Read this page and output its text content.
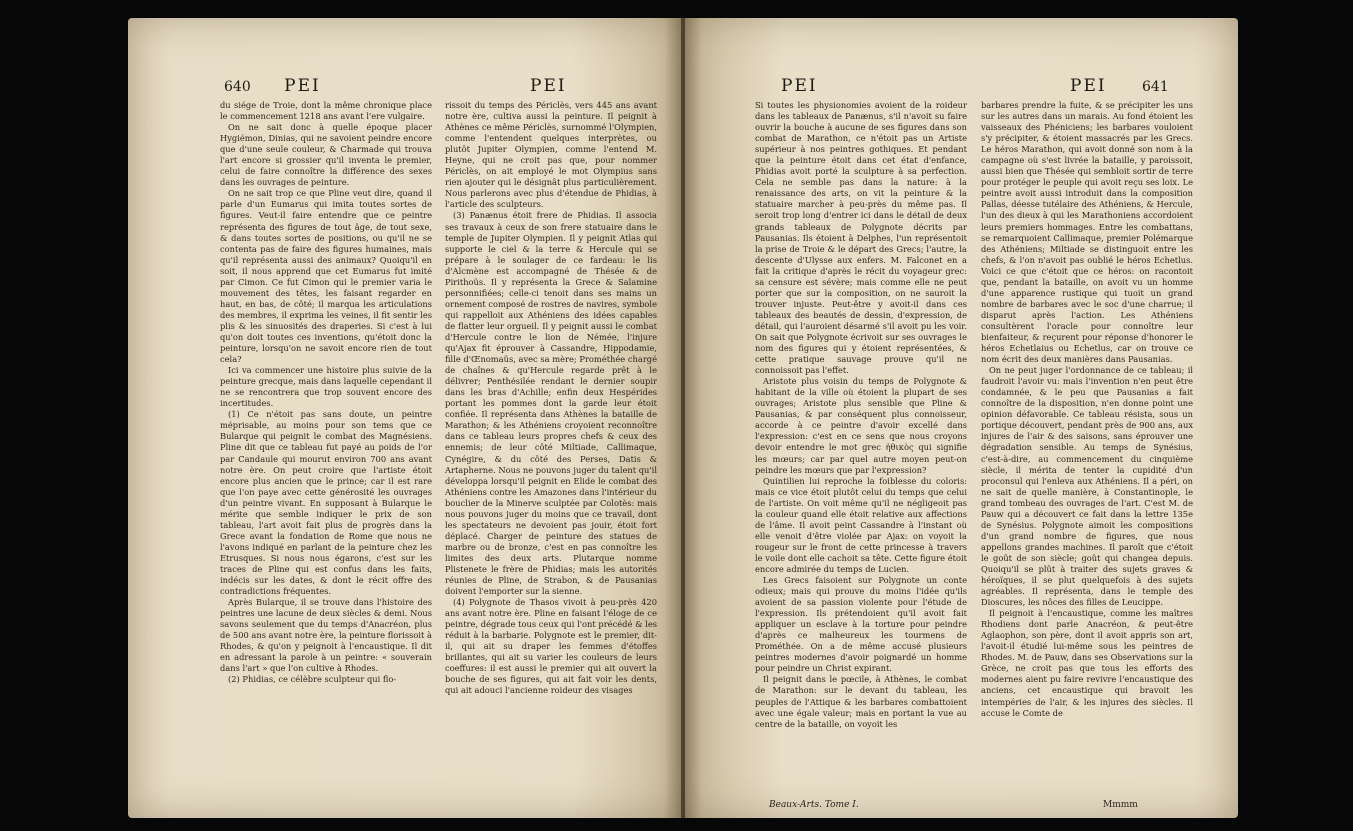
640 PEI	PEI

du siége de Troie, dont la même chronique place le commencement 1218 ans avant l'ere vulgaire.

On ne sait donc à quelle époque placer Hygiémon, Dinias, qui ne savoient peindre encore que d'une seule couleur, & Charmade qui trouva l'art encore si grossier qu'il inventa le premier, celui de faire connoître la différence des sexes dans les ouvrages de peinture.

On ne sait trop ce que Pline veut dire, quand il parle d'un Eumarus qui imita toutes sortes de figures. Veut-il faire entendre que ce peintre représenta des figures de tout âge, de tout sexe, & dans toutes sortes de positions, ou qu'il ne se contenta pas de faire des figures humaines, mais qu'il représenta aussi des animaux? Quoiqu'il en soit, il nous apprend que cet Eumarus fut imité par Cimon. Ce fut Cimon qui le premier varia le mouvement des têtes, les faisant regarder en haut, en bas, de côté; il marqua les articulations des membres, il exprima les veines, il fit sentir les plis & les sinuosités des draperies. Si c'est à lui qu'on doit toutes ces inventions, qu'étoit donc la peinture, lorsqu'on ne savoit encore rien de tout cela?

Ici va commencer une histoire plus suivie de la peinture grecque, mais dans laquelle cependant il ne se rencontrera que trop souvent encore des incertitudes.

(1) Ce n'étoit pas sans doute, un peintre méprisable, au moins pour son tems que ce Bularque qui peignit le combat des Magnésiens. Pline dit que ce tableau fut payé au poids de l'or par Candaule qui mourut environ 700 ans avant notre ère. On peut croire que l'artiste étoit encore plus ancien que le prince; car il est rare que l'on paye avec cette générosité les ouvrages d'un peintre vivant. En supposant à Bularque le mérite que semble indiquer le prix de son tableau, l'art avoit fait plus de progrès dans la Grece avant la fondation de Rome que nous ne l'avons indiqué en parlant de la peinture chez les Etrusques. Si nous nous égarons, c'est sur les traces de Pline qui est confus dans les faits, indécis sur les dates, & dont le récit offre des contradictions fréquentes.

Après Bularque, il se trouve dans l'histoire des peintres une lacune de deux siècles & demi. Nous savons seulement que du temps d'Anacréon, plus de 500 ans avant notre ère, la peinture florissoit à Rhodes, & qu'on y peignoit à l'encaustique. Il dit en adressant la parole à un peintre: « souverain dans l'art » que l'on cultive à Rhodes.

(2) Phidias, ce célèbre sculpteur qui flo-

rissoit du temps des Périclès, vers 445 ans avant notre ère, cultiva aussi la peinture. Il peignit à Athènes ce même Périclès, surnommé l'Olympien, comme l'entendent quelques interprètes, ou plutôt Jupiter Olympien, comme l'entend M. Heyne, qui ne croit pas que, pour nommer Périclès, on ait employé le mot Olympius sans rien ajouter qui le désignât plus particulièrement. Nous parlerons avec plus d'étendue de Phidias, à l'article des sculpteurs.

(3) Panænus étoit frere de Phidias. Il associa ses travaux à ceux de son frere statuaire dans le temple de Jupiter Olympien. Il y peignit Atlas qui supporte le ciel & la terre & Hercule qui se prépare à le soulager de ce fardeau: le lis d'Alcmène est accompagné de Thésée & de Pirithoüs. Il y représenta la Grece & Salamine personnifiées; celle-ci tenoit dans ses mains un ornement composé de rostres de navires, symbole qui rappelloit aux Athéniens des idées capables de flatter leur orgueil. Il y peignit aussi le combat d'Hercule contre le lion de Némée, l'injure qu'Ajax fit éprouver à Cassandre, Hippodamie, fille d'Œnomaüs, avec sa mère; Prométhée chargé de chaînes & qu'Hercule regarde prêt à le délivrer; Penthésilée rendant le dernier soupir dans les bras d'Achille; enfin deux Hespérides portant les pommes dont la garde leur étoit confiée. Il représenta dans Athènes la bataille de Marathon; & les Athéniens croyoient reconnoître dans ce tableau leurs propres chefs & ceux des ennemis; de leur côté Miltiade, Callimaque, Cynégire, & du côté des Perses, Datis & Artapherne. Nous ne pouvons juger du talent qu'il développa lorsqu'il peignit en Elide le combat des Athéniens contre les Amazones dans l'intérieur du bouclier de la Minerve sculptée par Colotès: mais nous pouvons juger du moins que ce travail, dont les spectateurs ne devoient pas jouir, étoit fort déplacé. Charger de peinture des statues de marbre ou de bronze, c'est en pas connoître les limites des deux arts. Plutarque nomme Plistenete le frère de Phidias; mais les autorités réunies de Pline, de Strabon, & de Pausanias doivent l'emporter sur la sienne.

(4) Polygnote de Thasos vivoit à peu-près 420 ans avant notre ère. Pline en faisant l'éloge de ce peintre, dégrade tous ceux qui l'ont précédé & les réduit à la barbarie. Polygnote est le premier, dit-il, qui ait su draper les femmes d'étoffes brillantes, qui ait su varier les couleurs de leurs coeffures: il est aussi le premier qui ait ouvert la bouche de ses figures, qui ait fait voir les dents, qui ait adouci l'ancienne roideur des visages

PEI	PEI	641

Si toutes les physionomies avoient de la roideur dans les tableaux de Panænus, s'il n'avoit su faire ouvrir la bouche à aucune de ses figures dans son combat de Marathon, ce n'étoit pas un Artiste supérieur à nos peintres gothiques. Et pendant que la peinture étoit dans cet état d'enfance, Phidias avoit porté la sculpture à sa perfection. Cela ne semble pas dans la nature: à la renaissance des arts, on vit la peinture & la statuaire marcher à peu-près du même pas. Il seroit trop long d'entrer ici dans le détail de deux grands tableaux de Polygnote décrits par Pausanias. Ils étoient à Delphes, l'un représentoit la prise de Troie & le départ des Grecs; l'autre, la descente d'Ulysse aux enfers. M. Falconet en a fait la critique d'après le récit du voyageur grec: sa censure est sévère; mais comme elle ne peut porter que sur la composition, on ne sauroit la trouver injuste. Peut-être y avoit-il dans ces tableaux des beautés de dessin, d'expression, de détail, qui l'auroient désarmé s'il avoit pu les voir. On sait que Polygnote écrivoit sur ses ouvrages le nom des figures qui y étoient représentées, & cette pratique sauvage prouve qu'il ne connoissoit pas l'effet.

Aristote plus voisin du temps de Polygnote & habitant de la ville où étoient la plupart de ses ouvrages; Aristote plus sensible que Pline & Pausanias, & par conséquent plus connoisseur, accorde à ce peintre d'avoir excellé dans l'expression: c'est en ce sens que nous croyons devoir entendre le mot grec ἠθικὸς qui signifie les mœurs; car par quel autre moyen peut-on peindre les mœurs que par l'expression?

Quintilien lui reproche la foiblesse du coloris: mais ce vice étoit plutôt celui du temps que celui de l'artiste. On voit même qu'il ne négligeoit pas la couleur quand elle étoit relative aux affections de l'âme. Il avoit peint Cassandre à l'instant où elle venoit d'être violée par Ajax: on voyoit la rougeur sur le front de cette princesse à travers le voile dont elle cachoit sa tête. Cette figure étoit encore admirée du temps de Lucien.

Les Grecs faisoient sur Polygnote un conte odieux; mais qui prouve du moins l'idée qu'ils avoient de sa passion violente pour l'étude de l'expression. Ils prétendoient qu'il avoit fait appliquer un esclave à la torture pour peindre d'après ce malheureux les tourmens de Prométhée. On a de même accusé plusieurs peintres modernes d'avoir poignardé un homme pour peindre un Christ expirant.

Il peignit dans le pœcile, à Athènes, le combat de Marathon: sur le devant du tableau, les peuples de l'Attique & les barbares combattoient avec une égale valeur; mais en portant la vue au centre de la bataille, on voyoit les

barbares prendre la fuite, & se précipiter les uns sur les autres dans un marais. Au fond étoient les vaisseaux des Phéniciens; les barbares vouloient s'y précipiter, & étoient massacrés par les Grecs. Le héros Marathon, qui avoit donné son nom à la campagne où s'est livrée la bataille, y paroissoit, aussi bien que Thésée qui sembloit sortir de terre pour protéger le peuple qui avoit reçu ses loix. Le peintre avoit aussi introduit dans la composition Pallas, déesse tutélaire des Athéniens, & Hercule, l'un des dieux à qui les Marathoniens accordoient leurs premiers hommages. Entre les combattans, se remarquoient Callimaque, premier Polémarque des Athéniens; Miltiade se distinguoit entre les chefs, & l'on n'avoit pas oublié le héros Echetlus. Voici ce que c'étoit que ce héros: on racontoit que, pendant la bataille, on avoit vu un homme d'une apparence rustique qui tuoit un grand nombre de barbares avec le soc d'une charrue; il disparut après l'action. Les Athéniens consultèrent l'oracle pour connoître leur bienfaiteur, & reçurent pour réponse d'honorer le héros Echetlaius ou Echetlus, car on trouve ce nom écrit des deux manières dans Pausanias.

On ne peut juger l'ordonnance de ce tableau; il faudroit l'avoir vu: mais l'invention n'en peut être condamnée, & le peu que Pausanias a fait connoître de la disposition, n'en donne point une opinion défavorable. Ce tableau résista, sous un portique découvert, pendant près de 900 ans, aux injures de l'air & des saisons, sans éprouver une dégradation sensible. Au temps de Synésius, c'est-à-dire, au commencement du cinquième siècle, il mérita de tenter la cupidité d'un proconsul qui l'enleva aux Athéniens. Il a péri, on ne sait de quelle manière, à Constantinople, le grand tombeau des ouvrages de l'art. C'est M. de Pauw qui a découvert ce fait dans la lettre 135e de Synésius. Polygnote aimoit les compositions d'un grand nombre de figures, que nous appellons grandes machines. Il paroît que c'étoit le goût de son siècle; goût qui changea depuis. Quoiqu'il se plût à traiter des sujets graves & héroïques, il se plut quelquefois à des sujets agréables. Il représenta, dans le temple des Dioscures, les nôces des filles de Leucippe.

Il peignoit à l'encaustique, comme les maîtres Rhodiens dont parle Anacréon, & peut-être Aglaophon, son père, dont il avoit appris son art, l'avoit-il étudié lui-même sous les peintres de Rhodes. M. de Pauw, dans ses Observations sur la Grèce, ne croit pas que tous les efforts des modernes aient pu faire revivre l'encaustique des anciens, cet encaustique qui bravoit les intempéries de l'air, & les injures des siècles. Il accuse le Comte de

Beaux-Arts. Tome I.	Mmmm
